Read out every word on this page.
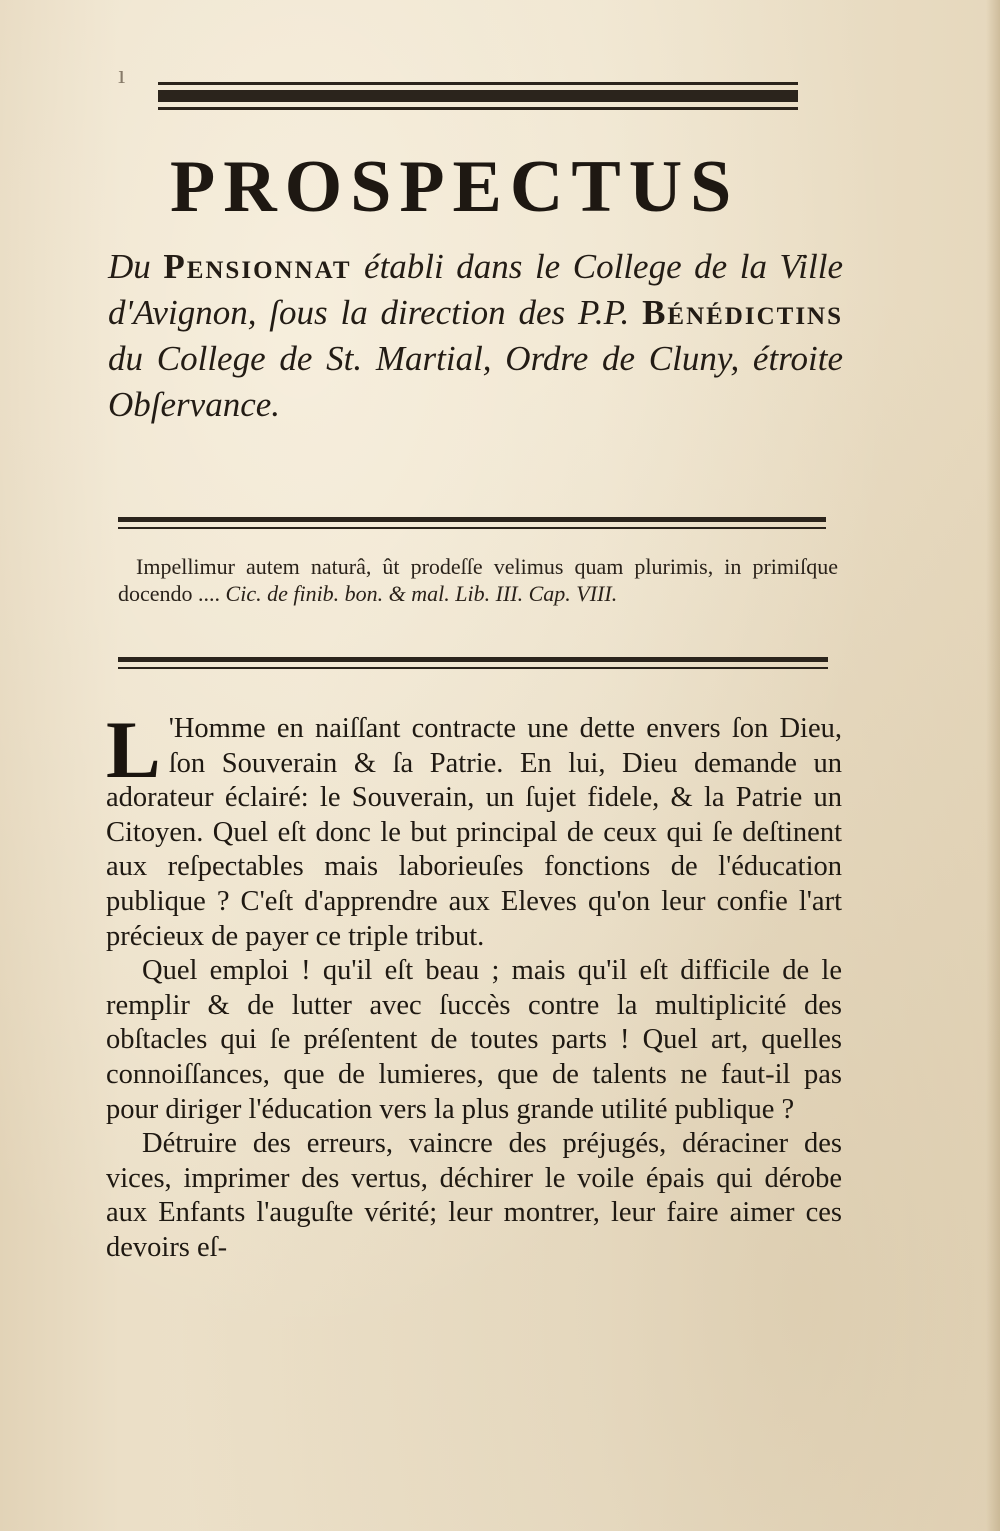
ı
PROSPECTUS

Du Pensionnat établi dans le College de la Ville d'Avignon, ſous la direction des P.P. Bénédictins du College de St. Martial, Ordre de Cluny, étroite Obſervance.

Impellimur autem naturâ, ût prodeſſe velimus quam plurimis, in primiſque docendo .... Cic. de finib. bon. & mal. Lib. III. Cap. VIII.

L 'Homme en naiſſant contracte une dette envers ſon Dieu, ſon Souverain & ſa Patrie. En lui, Dieu demande un adorateur éclairé: le Souverain, un ſujet fidele, & la Patrie un Citoyen. Quel eſt donc le but principal de ceux qui ſe deſtinent aux reſpectables mais laborieuſes fonctions de l'éducation publique ? C'eſt d'apprendre aux Eleves qu'on leur confie l'art précieux de payer ce triple tribut.

Quel emploi ! qu'il eſt beau ; mais qu'il eſt difficile de le remplir & de lutter avec ſuccès contre la multiplicité des obſtacles qui ſe préſentent de toutes parts ! Quel art, quelles connoiſſances, que de lumieres, que de talents ne faut-il pas pour diriger l'éducation vers la plus grande utilité publique ?

Détruire des erreurs, vaincre des préjugés, déraciner des vices, imprimer des vertus, déchirer le voile épais qui dérobe aux Enfants l'auguſte vérité; leur montrer, leur faire aimer ces devoirs eſ-
